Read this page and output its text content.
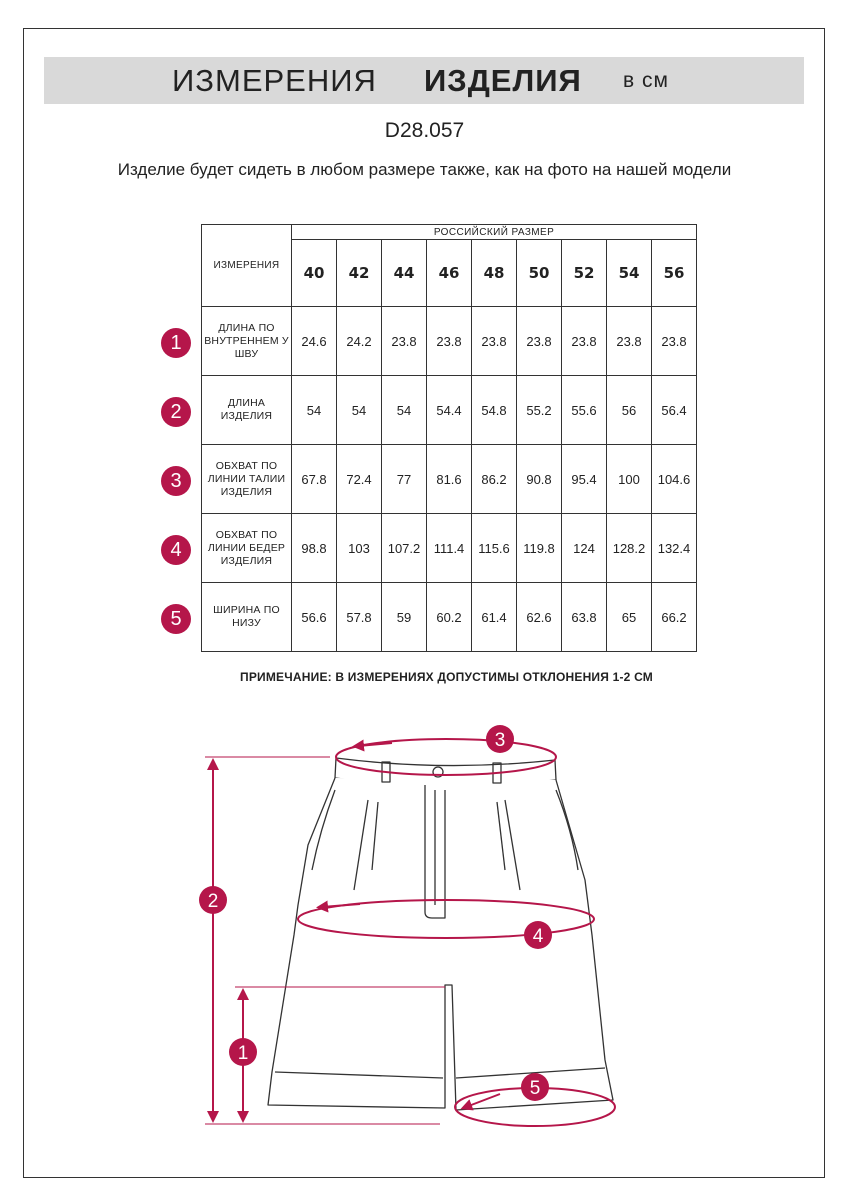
ИЗМЕРЕНИЯ ИЗДЕЛИЯ в см
D28.057
Изделие будет сидеть в любом размере также, как на фото на нашей модели
ИЗМЕРЕНИЯ	РОССИЙСКИЙ РАЗМЕР								
	40	42	44	46	48	50	52	54	56
ДЛИНА ПО ВНУТРЕННЕМ У ШВУ	24.6	24.2	23.8	23.8	23.8	23.8	23.8	23.8	23.8
ДЛИНА ИЗДЕЛИЯ	54	54	54	54.4	54.8	55.2	55.6	56	56.4
ОБХВАТ ПО ЛИНИИ ТАЛИИ ИЗДЕЛИЯ	67.8	72.4	77	81.6	86.2	90.8	95.4	100	104.6
ОБХВАТ ПО ЛИНИИ БЕДЕР ИЗДЕЛИЯ	98.8	103	107.2	111.4	115.6	119.8	124	128.2	132.4
ШИРИНА ПО НИЗУ	56.6	57.8	59	60.2	61.4	62.6	63.8	65	66.2
1
2
3
4
5
ПРИМЕЧАНИЕ: В ИЗМЕРЕНИЯХ ДОПУСТИМЫ ОТКЛОНЕНИЯ 1-2 СМ
3
4
5
2
1
